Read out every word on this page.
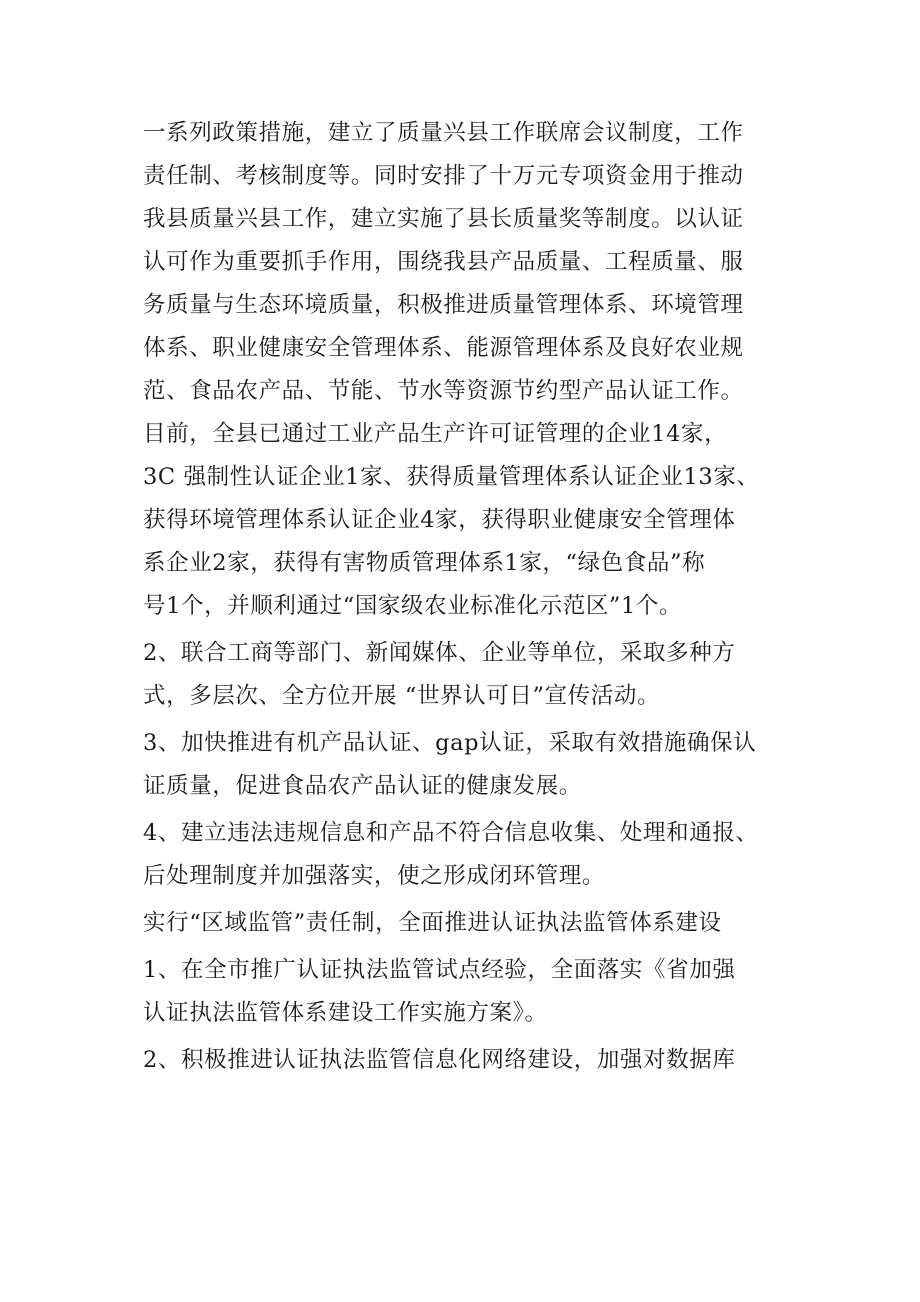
一系列政策措施，建立了质量兴县工作联席会议制度，工作
责任制、考核制度等。同时安排了十万元专项资金用于推动
我县质量兴县工作，建立实施了县长质量奖等制度。以认证
认可作为重要抓手作用，围绕我县产品质量、工程质量、服
务质量与生态环境质量，积极推进质量管理体系、环境管理
体系、职业健康安全管理体系、能源管理体系及良好农业规
范、食品农产品、节能、节水等资源节约型产品认证工作。
目前，全县已通过工业产品生产许可证管理的企业14家，
3C 强制性认证企业1家、获得质量管理体系认证企业13家、
获得环境管理体系认证企业4家，获得职业健康安全管理体
系企业2家，获得有害物质管理体系1家，“绿色食品”称
号1个，并顺利通过“国家级农业标准化示范区”1个。

2、联合工商等部门、新闻媒体、企业等单位，采取多种方
式，多层次、全方位开展 “世界认可日”宣传活动。

3、加快推进有机产品认证、gap认证，采取有效措施确保认
证质量，促进食品农产品认证的健康发展。

4、建立违法违规信息和产品不符合信息收集、处理和通报、
后处理制度并加强落实，使之形成闭环管理。

实行“区域监管”责任制，全面推进认证执法监管体系建设

1、在全市推广认证执法监管试点经验，全面落实《省加强
认证执法监管体系建设工作实施方案》。

2、积极推进认证执法监管信息化网络建设，加强对数据库
